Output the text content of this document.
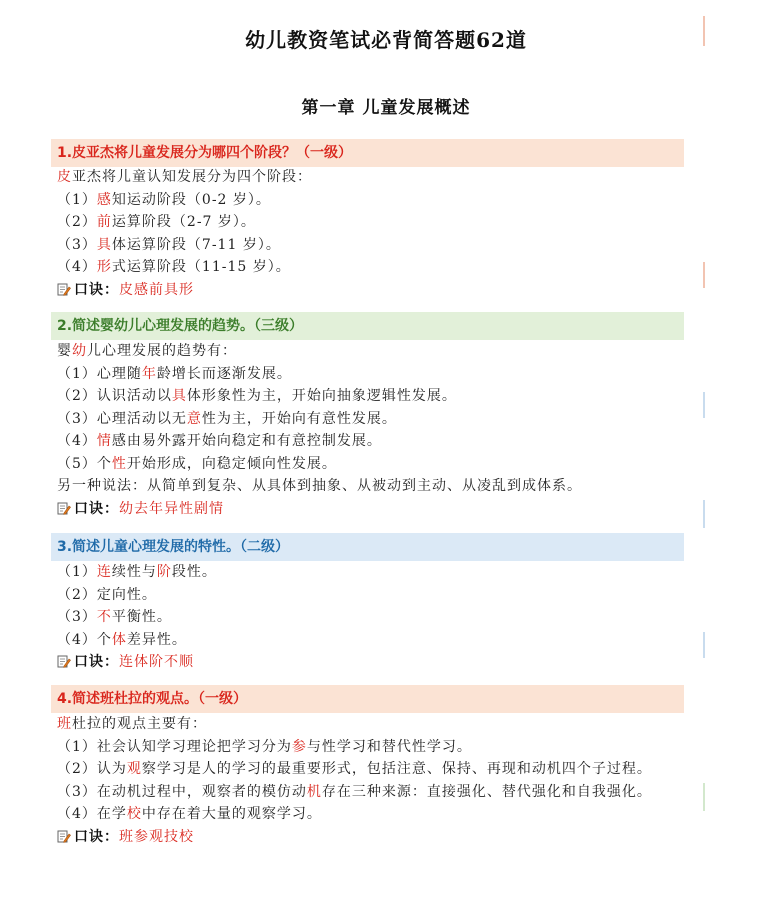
幼儿教资笔试必背简答题62道
第一章 儿童发展概述
1.皮亚杰将儿童发展分为哪四个阶段？（一级）
皮亚杰将儿童认知发展分为四个阶段：
（1）感知运动阶段（0-2 岁）。
（2）前运算阶段（2-7 岁）。
（3）具体运算阶段（7-11 岁）。
（4）形式运算阶段（11-15 岁）。
口诀：皮感前具形
2.简述婴幼儿心理发展的趋势。（三级）
婴幼儿心理发展的趋势有：
（1）心理随年龄增长而逐渐发展。
（2）认识活动以具体形象性为主，开始向抽象逻辑性发展。
（3）心理活动以无意性为主，开始向有意性发展。
（4）情感由易外露开始向稳定和有意控制发展。
（5）个性开始形成，向稳定倾向性发展。
另一种说法：从简单到复杂、从具体到抽象、从被动到主动、从凌乱到成体系。
口诀：幼去年异性剧情
3.简述儿童心理发展的特性。（二级）
（1）连续性与阶段性。
（2）定向性。
（3）不平衡性。
（4）个体差异性。
口诀：连体阶不顺
4.简述班杜拉的观点。（一级）
班杜拉的观点主要有：
（1）社会认知学习理论把学习分为参与性学习和替代性学习。
（2）认为观察学习是人的学习的最重要形式，包括注意、保持、再现和动机四个子过程。
（3）在动机过程中，观察者的模仿动机存在三种来源：直接强化、替代强化和自我强化。
（4）在学校中存在着大量的观察学习。
口诀：班参观技校
